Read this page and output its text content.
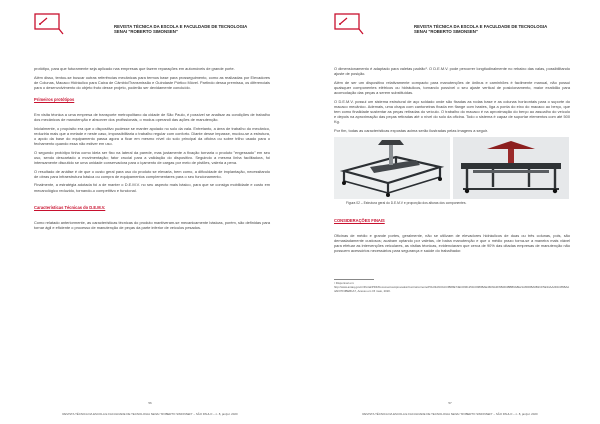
REVISTA TÉCNICA DA ESCOLA E FACULDADE DE TECNOLOGIA
SENAI "ROBERTO SIMONSEN"

protótipo, para que futuramente seja aplicado nas empresas que fazem reparações em automóveis de grande porte.

Além disso, tentou-se buscar outras referências mecânicas para termos base para prosseguimento, como as realizadas por Elevadores de Colunas, Macaco Hidráulico para Caixa de Câmbio/Transmissão e Guindaste Pórtico Móvel. Partindo dessa premissa, os diferenciais para o desenvolvimento do objeto fruto desse projeto, poderão ser devidamente concluído.

Primeiros protótipos

Em visita técnica a uma empresa de transporte metropolitano da cidade de São Paulo, é possível se analisar as condições de trabalho dos mecânicos de manutenção e absorver dos profissionais, o modus operandi das ações de manutenção.

Inicialmente, o propósito era que o dispositivo pudesse se manter apoiado no solo da vala. Entretanto, a área de trabalho do mecânico, reduziria mais que a metade e neste caso, impossibilitaria o trabalho regular com conforto. Diante desse impasse, mudou-se a estrutura, o apoio da base do equipamento passa agora a ficar em mesmo nível do solo principal da oficina ou sobre trilho usado para o fechamento quando essa não estiver em uso.

O segundo protótipo tinha como ideia ser fixo na lateral da parede, mas justamente a fixação tornaria o produto "engessado" em seu uso, sendo descartado a movimentação; fator crucial para a validação do dispositivo. Seguindo a mesma linha facilitadora, foi intensamente discutido se uma unidade conservadora para o içamento de cargas por meio de pistões, valeria a pena.

O resultado de análise é de que o custo geral para uso do produto se elevaria, bem como, a dificuldade de implantação, necessitando de obras para infraestrutura básica ou compra de equipamentos complementares para o seu funcionamento.

Finalmente, a estratégia adotada foi a de manter o D.E.M.V. no seu aspecto mais básico, para que se consiga mobilidade e custo em mecanológico reduzido, tornando-o competitivo e funcional.

Características Técnicas do D.E.M.V.

Como relatado anteriormente, as características técnicas do produto mantiveram-se mecanicamente básicas, porém, são definidas para tornar ágil e eficiente o processo de manutenção de peças da parte inferior de veículos pesados.

56
REVISTA TÉCNICA DA ESCOLA E FACULDADE DE TECNOLOGIA SENAI "ROBERTO SIMONSEN" – SÃO PAULO – n. 8, jan/jul. 2020
REVISTA TÉCNICA DA ESCOLA E FACULDADE DE TECNOLOGIA
SENAI "ROBERTO SIMONSEN"

O dimensionamento é adaptado para valetas padrão¹. O D.E.M.V. pode percorrer longitudinalmente no rebaixo das valas, possibilitando ajuste de posição.

Além de ser um dispositivo relativamente compacto para manutenções de ônibus e caminhões é facilmente manual, não possui quaisquer componentes elétricos ou hidráulicos, tornando possível o seu ajuste vertical de posicionamento, maior exatidão para acomodação das peças a serem substituídas.

O D.E.M.V. possui um sistema estrutural de aço soldado onde são fixadas as rodas base e as colunas horizontais para o suporte do macaco mecânico. Ademais, uma chapa com cantoneiras fixada em flange com hastes, liga a ponta do eixo do macaco ao berço, que tem como finalidade sustentar as peças retiradas do veículo. O trabalho do macaco é na aproximação do berço ao assoalho do veículo e depois na aproximação das peças retiradas até o nível do solo da oficina. Todo o sistema é capaz de suportar elementos com até 500 Kg.

Por fim, todas as características expostas acima serão ilustradas pelas imagens a seguir.

Figura 02 – Estrutura geral do D.E.M.V e proporção dos alturas dos componentes.
CONSIDERAÇÕES FINAIS

Oficinas de médio e grande portes, geralmente, não se utilizam de elevadores hidráulicos de duas ou três colunas, pois, são demasiadamente custosos; acabam optando por valetas, de baixa manutenção e que o médio prazo torna-se a maneira mais viável para efetuar as intervenções veiculares, as visitas técnicas, evidenciaram que cerca de 90% das citadas empresas de manutenção não possuem acessórios necessários para segurança e saúde do trabalhador.

¹ Disponível em:
http://www.antaq.gov.br/Portal/PDF/DocumentosAprovados/ContraCorrente/P0L03A6CFAC3B68E74EC0961254C0980BAE46D9A3F6B2D4BBB6A8E21A8DDBA6B2CF5E34AA2D4C86BAA4AF07F3BEB1A7, Acesso em 15 maio, 2020.
57
REVISTA TÉCNICA DA ESCOLA E FACULDADE DE TECNOLOGIA SENAI "ROBERTO SIMONSEN" – SÃO PAULO – n. 8, jan/jul. 2020
